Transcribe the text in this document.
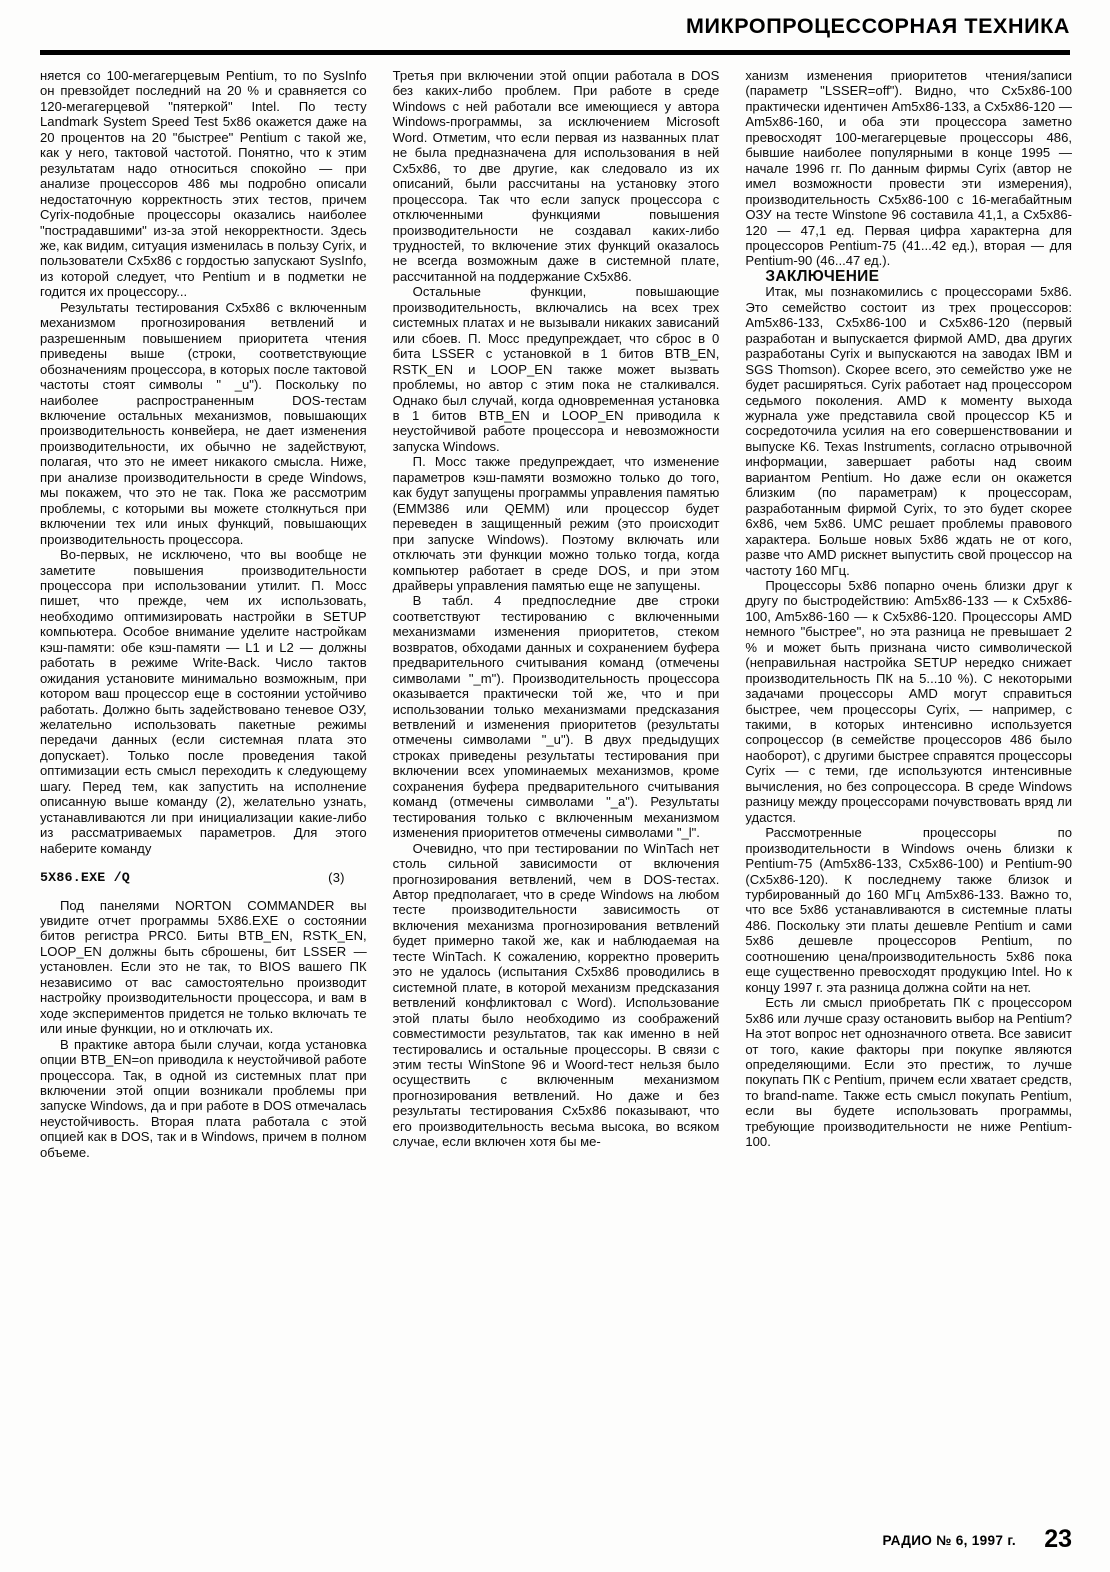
МИКРОПРОЦЕССОРНАЯ ТЕХНИКА

няется со 100-мегагерцевым Pentium, то по SysInfo он превзойдет последний на 20 % и сравняется со 120-мегагерцевой "пятеркой" Intel. По тесту Landmark System Speed Test 5x86 окажется даже на 20 процентов на 20 "быстрее" Pentium с такой же, как у него, тактовой частотой. Понятно, что к этим результатам надо относиться спокойно — при анализе процессоров 486 мы подробно описали недостаточную корректность этих тестов, причем Cyrix-подобные процессоры оказались наиболее "пострадавшими" из-за этой некорректности. Здесь же, как видим, ситуация изменилась в пользу Cyrix, и пользователи Cx5x86 с гордостью запускают SysInfo, из которой следует, что Pentium и в подметки не годится их процессору...

Результаты тестирования Cx5x86 с включенным механизмом прогнозирования ветвлений и разрешенным повышением приоритета чтения приведены выше (строки, соответствующие обозначениям процессора, в которых после тактовой частоты стоят символы " _u"). Поскольку по наиболее распространенным DOS-тестам включение остальных механизмов, повышающих производительность конвейера, не дает изменения производительности, их обычно не задействуют, полагая, что это не имеет никакого смысла. Ниже, при анализе производительности в среде Windows, мы покажем, что это не так. Пока же рассмотрим проблемы, с которыми вы можете столкнуться при включении тех или иных функций, повышающих производительность процессора.

Во-первых, не исключено, что вы вообще не заметите повышения производительности процессора при использовании утилит. П. Мосс пишет, что прежде, чем их использовать, необходимо оптимизировать настройки в SETUP компьютера. Особое внимание уделите настройкам кэш-памяти: обе кэш-памяти — L1 и L2 — должны работать в режиме Write-Back. Число тактов ожидания установите минимально возможным, при котором ваш процессор еще в состоянии устойчиво работать. Должно быть задействовано теневое ОЗУ, желательно использовать пакетные режимы передачи данных (если системная плата это допускает). Только после проведения такой оптимизации есть смысл переходить к следующему шагу. Перед тем, как запустить на исполнение описанную выше команду (2), желательно узнать, устанавливаются ли при инициализации какие-либо из рассматриваемых параметров. Для этого наберите команду

5X86.EXE /Q	(3)

Под панелями NORTON COMMANDER вы увидите отчет программы 5X86.EXE о состоянии битов регистра PRC0. Биты BTB_EN, RSTK_EN, LOOP_EN должны быть сброшены, бит LSSER — установлен. Если это не так, то BIOS вашего ПК независимо от вас самостоятельно производит настройку производительности процессора, и вам в ходе экспериментов придется не только включать те или иные функции, но и отключать их.

В практике автора были случаи, когда установка опции BTB_EN=on приводила к неустойчивой работе процессора. Так, в одной из системных плат при включении этой опции возникали проблемы при запуске Windows, да и при работе в DOS отмечалась неустойчивость. Вторая плата работала с этой опцией как в DOS, так и в Windows, причем в полном объеме.

Третья при включении этой опции работала в DOS без каких-либо проблем. При работе в среде Windows с ней работали все имеющиеся у автора Windows-программы, за исключением Microsoft Word. Отметим, что если первая из названных плат не была предназначена для использования в ней Cx5x86, то две другие, как следовало из их описаний, были рассчитаны на установку этого процессора. Так что если запуск процессора с отключенными функциями повышения производительности не создавал каких-либо трудностей, то включение этих функций оказалось не всегда возможным даже в системной плате, рассчитанной на поддержание Cx5x86.

Остальные функции, повышающие производительность, включались на всех трех системных платах и не вызывали никаких зависаний или сбоев. П. Мосс предупреждает, что сброс в 0 бита LSSER с установкой в 1 битов BTB_EN, RSTK_EN и LOOP_EN также может вызвать проблемы, но автор с этим пока не сталкивался. Однако был случай, когда одновременная установка в 1 битов BTB_EN и LOOP_EN приводила к неустойчивой работе процессора и невозможности запуска Windows.

П. Мосс также предупреждает, что изменение параметров кэш-памяти возможно только до того, как будут запущены программы управления памятью (EMM386 или QEMM) или процессор будет переведен в защищенный режим (это происходит при запуске Windows). Поэтому включать или отключать эти функции можно только тогда, когда компьютер работает в среде DOS, и при этом драйверы управления памятью еще не запущены.

В табл. 4 предпоследние две строки соответствуют тестированию с включенными механизмами изменения приоритетов, стеком возвратов, обходами данных и сохранением буфера предварительного считывания команд (отмечены символами "_m"). Производительность процессора оказывается практически той же, что и при использовании только механизмами предсказания ветвлений и изменения приоритетов (результаты отмечены символами "_u"). В двух предыдущих строках приведены результаты тестирования при включении всех упоминаемых механизмов, кроме сохранения буфера предварительного считывания команд (отмечены символами "_a"). Результаты тестирования только с включенным механизмом изменения приоритетов отмечены символами "_l".

Очевидно, что при тестировании по WinTach нет столь сильной зависимости от включения прогнозирования ветвлений, чем в DOS-тестах. Автор предполагает, что в среде Windows на любом тесте производительности зависимость от включения механизма прогнозирования ветвлений будет примерно такой же, как и наблюдаемая на тесте WinTach. К сожалению, корректно проверить это не удалось (испытания Cx5x86 проводились в системной плате, в которой механизм предсказания ветвлений конфликтовал с Word). Использование этой платы было необходимо из соображений совместимости результатов, так как именно в ней тестировались и остальные процессоры. В связи с этим тесты WinStone 96 и Woord-тест нельзя было осуществить с включенным механизмом прогнозирования ветвлений. Но даже и без результаты тестирования Cx5x86 показывают, что его производительность весьма высока, во всяком случае, если включен хотя бы ме-

ханизм изменения приоритетов чтения/записи (параметр "LSSER=off"). Видно, что Cx5x86-100 практически идентичен Am5x86-133, а Cx5x86-120 — Am5x86-160, и оба эти процессора заметно превосходят 100-мегагерцевые процессоры 486, бывшие наиболее популярными в конце 1995 — начале 1996 гг. По данным фирмы Cyrix (автор не имел возможности провести эти измерения), производительность Cx5x86-100 с 16-мегабайтным ОЗУ на тесте Winstone 96 составила 41,1, а Cx5x86-120 — 47,1 ед. Первая цифра характерна для процессоров Pentium-75 (41...42 ед.), вторая — для Pentium-90 (46...47 ед.).

ЗАКЛЮЧЕНИЕ

Итак, мы познакомились с процессорами 5x86. Это семейство состоит из трех процессоров: Am5x86-133, Cx5x86-100 и Cx5x86-120 (первый разработан и выпускается фирмой AMD, два других разработаны Cyrix и выпускаются на заводах IBM и SGS Thomson). Скорее всего, это семейство уже не будет расширяться. Cyrix работает над процессором седьмого поколения. AMD к моменту выхода журнала уже представила свой процессор K5 и сосредоточила усилия на его совершенствовании и выпуске K6. Texas Instruments, согласно отрывочной информации, завершает работы над своим вариантом Pentium. Но даже если он окажется близким (по параметрам) к процессорам, разработанным фирмой Cyrix, то это будет скорее 6x86, чем 5x86. UMC решает проблемы правового характера. Больше новых 5x86 ждать не от кого, разве что AMD рискнет выпустить свой процессор на частоту 160 МГц.

Процессоры 5x86 попарно очень близки друг к другу по быстродействию: Am5x86-133 — к Cx5x86-100, Am5x86-160 — к Cx5x86-120. Процессоры AMD немного "быстрее", но эта разница не превышает 2 % и может быть признана чисто символической (неправильная настройка SETUP нередко снижает производительность ПК на 5...10 %). С некоторыми задачами процессоры AMD могут справиться быстрее, чем процессоры Cyrix, — например, с такими, в которых интенсивно используется сопроцессор (в семействе процессоров 486 было наоборот), с другими быстрее справятся процессоры Cyrix — с теми, где используются интенсивные вычисления, но без сопроцессора. В среде Windows разницу между процессорами почувствовать вряд ли удастся.

Рассмотренные процессоры по производительности в Windows очень близки к Pentium-75 (Am5x86-133, Cx5x86-100) и Pentium-90 (Cx5x86-120). К последнему также близок и турбированный до 160 МГц Am5x86-133. Важно то, что все 5x86 устанавливаются в системные платы 486. Поскольку эти платы дешевле Pentium и сами 5x86 дешевле процессоров Pentium, по соотношению цена/производительность 5x86 пока еще существенно превосходят продукцию Intel. Но к концу 1997 г. эта разница должна сойти на нет.

Есть ли смысл приобретать ПК с процессором 5x86 или лучше сразу остановить выбор на Pentium? На этот вопрос нет однозначного ответа. Все зависит от того, какие факторы при покупке являются определяющими. Если это престиж, то лучше покупать ПК с Pentium, причем если хватает средств, то brand-name. Также есть смысл покупать Pentium, если вы будете использовать программы, требующие производительности не ниже Pentium-100.

РАДИО № 6, 1997 г. 23
